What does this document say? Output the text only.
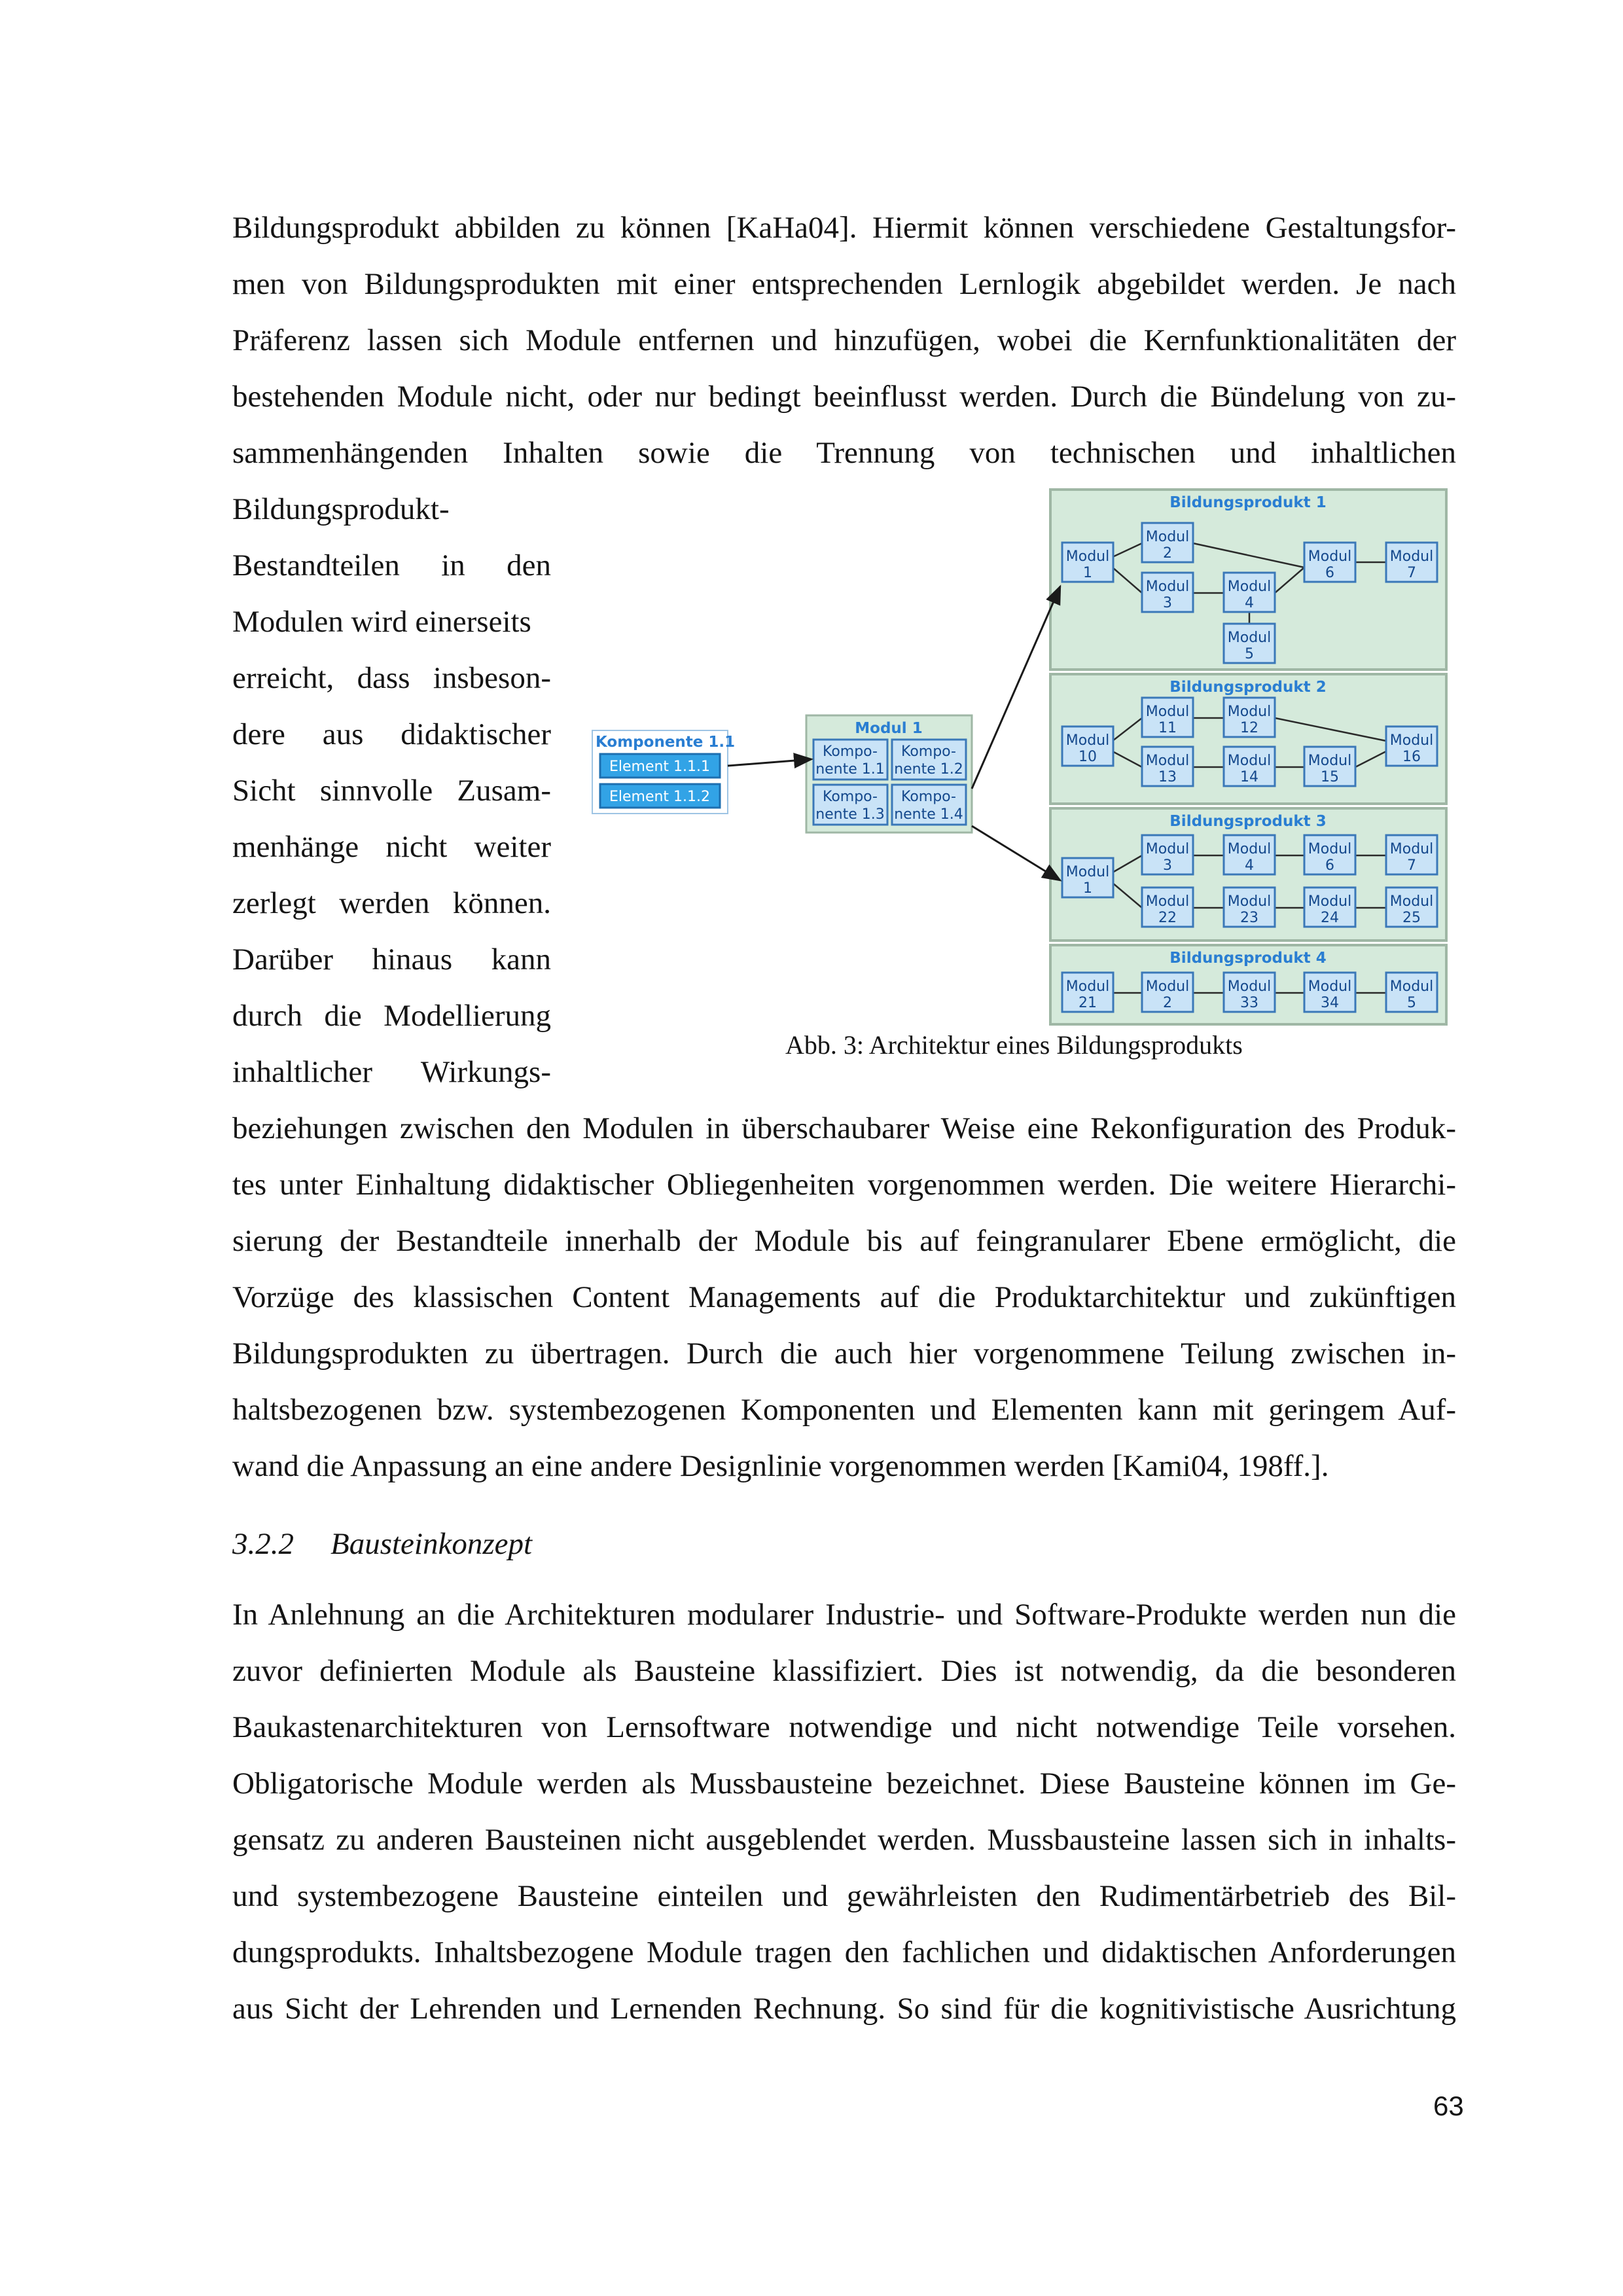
Bildungsprodukt abbilden zu können [KaHa04]. Hiermit können verschiedene Gestaltungsfor-
men von Bildungsprodukten mit einer entsprechenden Lernlogik abgebildet werden. Je nach
Präferenz lassen sich Module entfernen und hinzufügen, wobei die Kernfunktionalitäten der
bestehenden Module nicht, oder nur bedingt beeinflusst werden. Durch die Bündelung von zu-
sammenhängenden Inhalten sowie die Trennung von technischen und inhaltlichen
Bildungsprodukt-
Bestandteilen in den
Modulen wird einerseits
erreicht, dass insbeson-
dere aus didaktischer
Sicht sinnvolle Zusam-
menhänge nicht weiter
zerlegt werden können.
Darüber hinaus kann
durch die Modellierung
inhaltlicher Wirkungs-
beziehungen zwischen den Modulen in überschaubarer Weise eine Rekonfiguration des Produk-
tes unter Einhaltung didaktischer Obliegenheiten vorgenommen werden. Die weitere Hierarchi-
sierung der Bestandteile innerhalb der Module bis auf feingranularer Ebene ermöglicht, die
Vorzüge des klassischen Content Managements auf die Produktarchitektur und zukünftigen
Bildungsprodukten zu übertragen. Durch die auch hier vorgenommene Teilung zwischen in-
haltsbezogenen bzw. systembezogenen Komponenten und Elementen kann mit geringem Auf-
wand die Anpassung an eine andere Designlinie vorgenommen werden [Kami04, 198ff.].
Bildungsprodukt 1
Bildungsprodukt 2
Bildungsprodukt 3
Bildungsprodukt 4
Modul
1
Modul
2
Modul
3
Modul
4
Modul
5
Modul
6
Modul
7
Modul
10
Modul
11
Modul
12
Modul
13
Modul
14
Modul
15
Modul
16
Modul
1
Modul
3
Modul
4
Modul
6
Modul
7
Modul
22
Modul
23
Modul
24
Modul
25
Modul
21
Modul
2
Modul
33
Modul
34
Modul
5
Komponente 1.1
Element 1.1.1
Element 1.1.2
Modul 1
Kompo-
nente 1.1
Kompo-
nente 1.2
Kompo-
nente 1.3
Kompo-
nente 1.4
Abb. 3: Architektur eines Bildungsprodukts
3.2.2 Bausteinkonzept
In Anlehnung an die Architekturen modularer Industrie- und Software-Produkte werden nun die
zuvor definierten Module als Bausteine klassifiziert. Dies ist notwendig, da die besonderen
Baukastenarchitekturen von Lernsoftware notwendige und nicht notwendige Teile vorsehen.
Obligatorische Module werden als Mussbausteine bezeichnet. Diese Bausteine können im Ge-
gensatz zu anderen Bausteinen nicht ausgeblendet werden. Mussbausteine lassen sich in inhalts-
und systembezogene Bausteine einteilen und gewährleisten den Rudimentärbetrieb des Bil-
dungsprodukts. Inhaltsbezogene Module tragen den fachlichen und didaktischen Anforderungen
aus Sicht der Lehrenden und Lernenden Rechnung. So sind für die kognitivistische Ausrichtung
63
